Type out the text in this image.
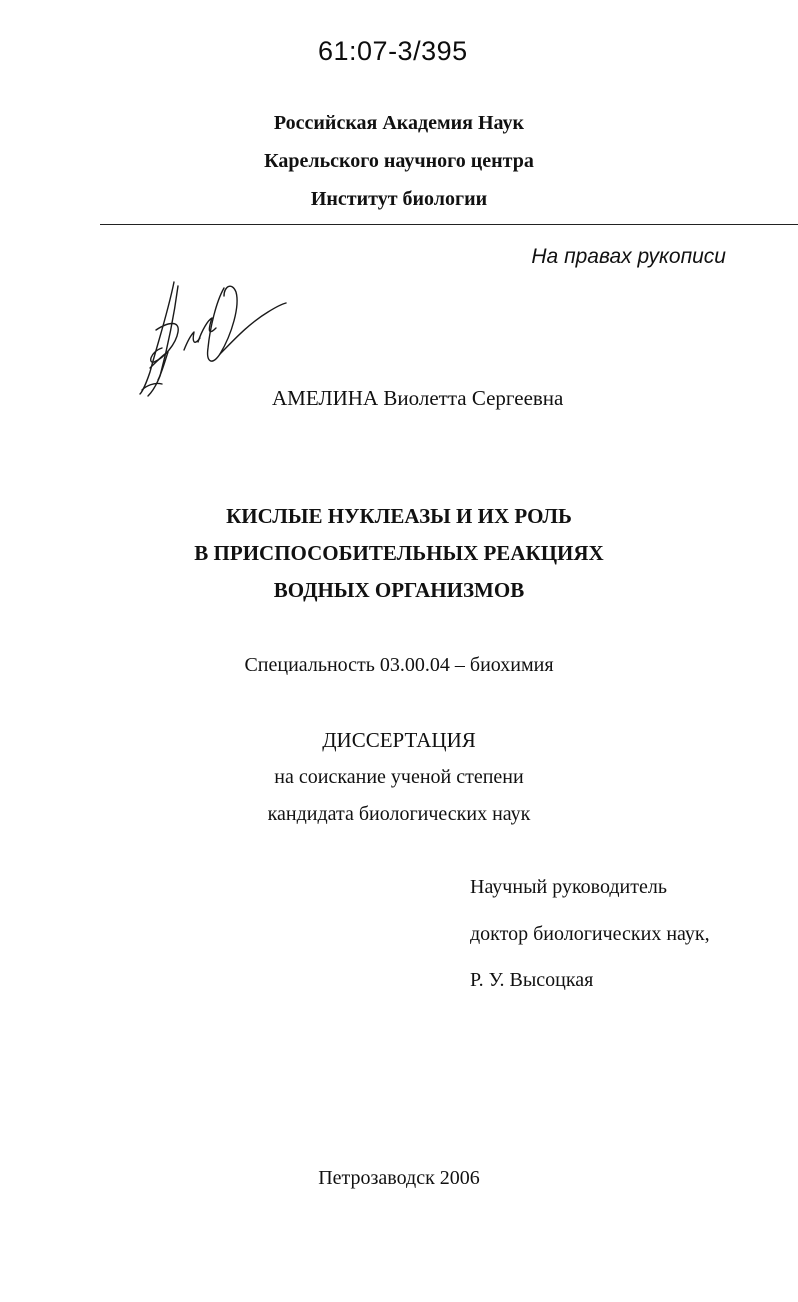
61:07-3/395
Российская Академия Наук
Карельского научного центра
Институт биологии
На правах рукописи
АМЕЛИНА Виолетта Сергеевна
КИСЛЫЕ НУКЛЕАЗЫ И ИХ РОЛЬ
В ПРИСПОСОБИТЕЛЬНЫХ РЕАКЦИЯХ
ВОДНЫХ ОРГАНИЗМОВ
Специальность 03.00.04 – биохимия
ДИССЕРТАЦИЯ
на соискание ученой степени
кандидата биологических наук
Научный руководитель
доктор биологических наук,
Р. У. Высоцкая
Петрозаводск 2006
